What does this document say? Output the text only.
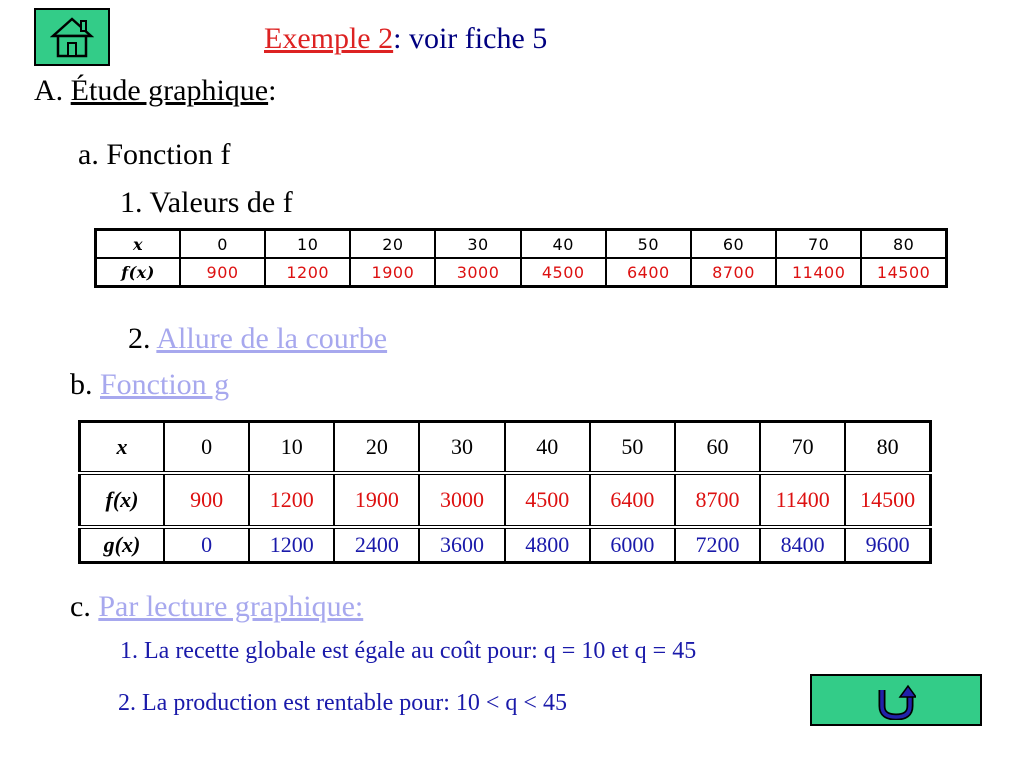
Exemple 2: voir fiche 5
A. Étude graphique:
a. Fonction f
1. Valeurs de f
x	0	10	20	30	40	50	60	70	80
f(x)	900	1200	1900	3000	4500	6400	8700	11400	14500
2. Allure de la courbe
b. Fonction g
x	0	10	20	30	40	50	60	70	80
f(x)	900	1200	1900	3000	4500	6400	8700	11400	14500
g(x)	0	1200	2400	3600	4800	6000	7200	8400	9600
c. Par lecture graphique:
1. La recette globale est égale au coût pour: q = 10 et q = 45
2. La production est rentable pour: 10 < q < 45
